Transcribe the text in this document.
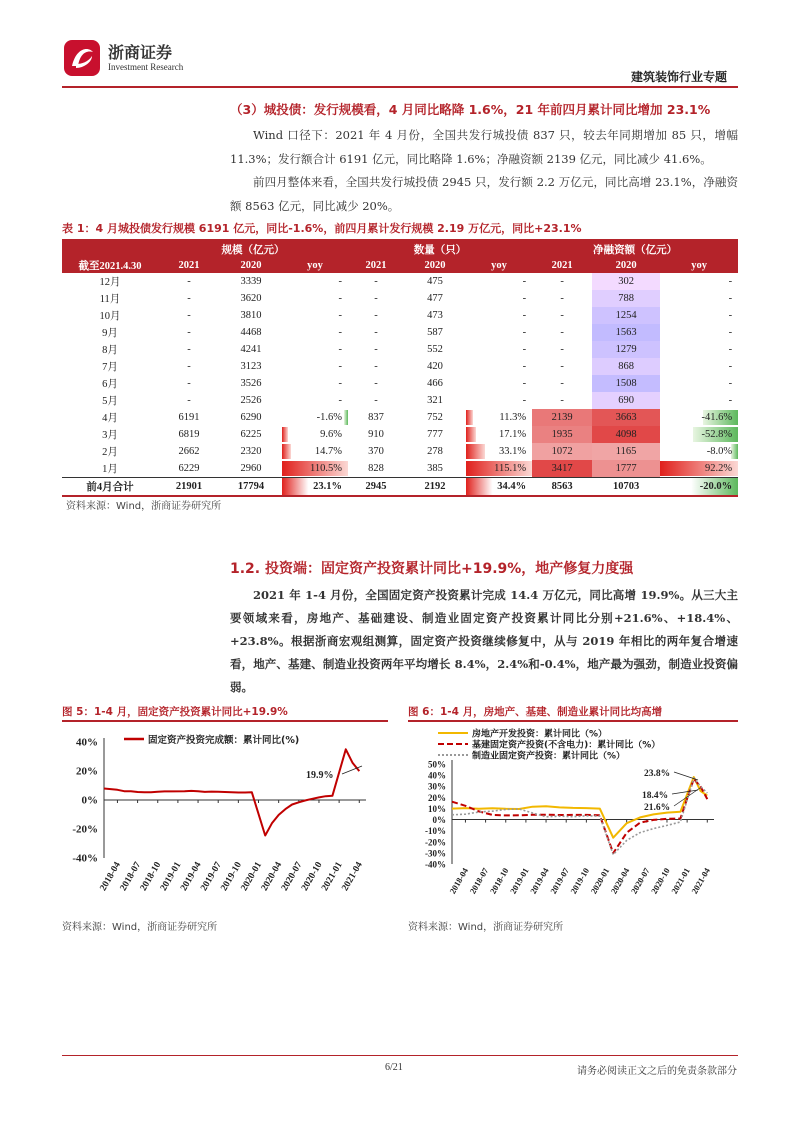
浙商证券
Investment Research
建筑装饰行业专题
（3）城投债：发行规模看，4 月同比略降 1.6%，21 年前四月累计同比增加 23.1%

Wind 口径下：2021 年 4 月份，全国共发行城投债 837 只，较去年同期增加 85 只，增幅 11.3%；发行额合计 6191 亿元，同比略降 1.6%；净融资额 2139 亿元，同比减少 41.6%。

前四月整体来看，全国共发行城投债 2945 只，发行额 2.2 万亿元，同比高增 23.1%，净融资额 8563 亿元，同比减少 20%。

表 1：4 月城投债发行规模 6191 亿元，同比-1.6%，前四月累计发行规模 2.19 万亿元，同比+23.1%
	规模（亿元）			数量（只）			净融资额（亿元）		
截至2021.4.30	2021	2020	yoy	2021	2020	yoy	2021	2020	yoy
12月	-	3339	-	-	475	-	-	302	-
11月	-	3620	-	-	477	-	-	788	-
10月	-	3810	-	-	473	-	-	1254	-
9月	-	4468	-	-	587	-	-	1563	-
8月	-	4241	-	-	552	-	-	1279	-
7月	-	3123	-	-	420	-	-	868	-
6月	-	3526	-	-	466	-	-	1508	-
5月	-	2526	-	-	321	-	-	690	-
4月	6191	6290	-1.6%	837	752	11.3%	2139	3663	-41.6%

3月	6819	6225	9.6%	910	777	17.1%	1935	4098	-52.8%

2月	2662	2320	14.7%	370	278	33.1%	1072	1165	-8.0%

1月	6229	2960	110.5%	828	385	115.1%	3417	1777	92.2%

前4月合计	21901	17794	23.1%	2945	2192	34.4%	8563	10703	-20.0%
资料来源：Wind，浙商证券研究所
1.2. 投资端：固定资产投资累计同比+19.9%，地产修复力度强

2021 年 1-4 月份，全国固定资产投资累计完成 14.4 万亿元，同比高增 19.9%。从三大主要领域来看，房地产、基础建设、制造业固定资产投资累计同比分别+21.6%、+18.4%、+23.8%。根据浙商宏观组测算，固定资产投资继续修复中，从与 2019 年相比的两年复合增速看，地产、基建、制造业投资两年平均增长 8.4%，2.4%和-0.4%，地产最为强劲，制造业投资偏弱。

图 5：1-4 月，固定资产投资累计同比+19.9%
40%
20%
0%
-20%
-40%
2018-04
2018-07
2018-10
2019-01
2019-04
2019-07
2019-10
2020-01
2020-04
2020-07
2020-10
2021-01
2021-04
固定资产投资完成额：累计同比(%)
19.9%
资料来源：Wind，浙商证券研究所
图 6：1-4 月，房地产、基建、制造业累计同比均高增
50%
40%
30%
20%
10%
0%
-10%
-20%
-30%
-40%
2018-04
2018-07
2018-10
2019-01
2019-04
2019-07
2019-10
2020-01
2020-04
2020-07
2020-10
2021-01
2021-04
房地产开发投资：累计同比（%）
基建固定资产投资(不含电力)：累计同比（%）
制造业固定资产投资：累计同比（%）
23.8%
18.4%
21.6%
资料来源：Wind，浙商证券研究所
6/21	请务必阅读正文之后的免责条款部分
